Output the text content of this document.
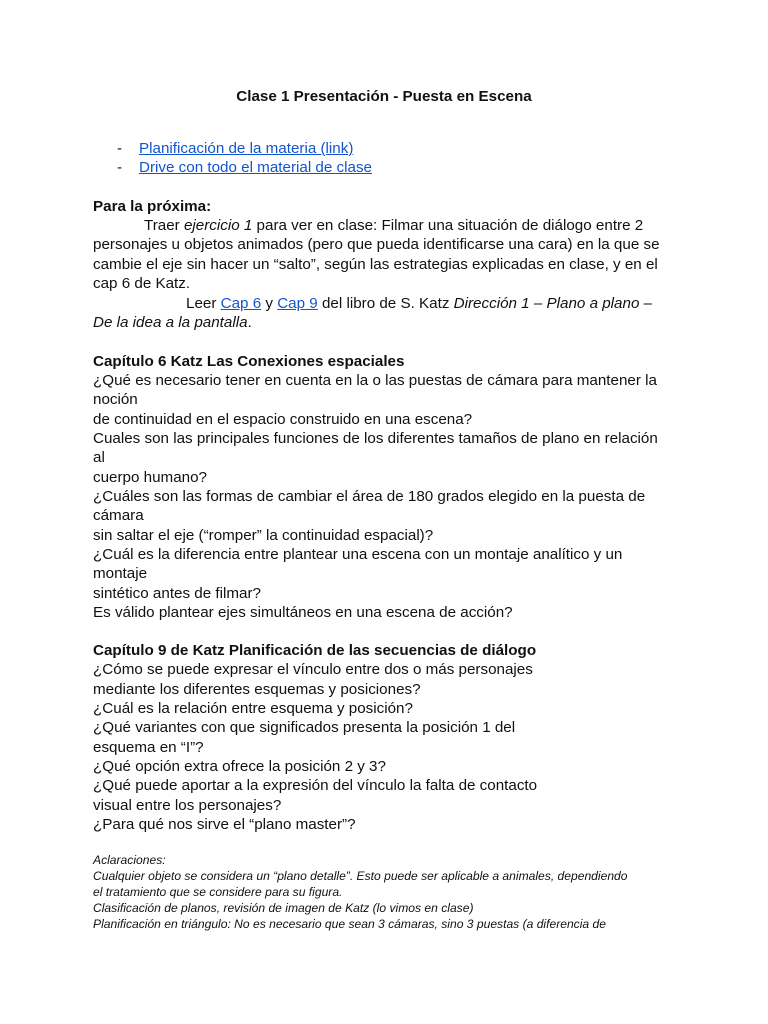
Clase 1 Presentación - Puesta en Escena
- Planificación de la materia (link)
- Drive con todo el material de clase
Para la próxima:
Traer ejercicio 1 para ver en clase: Filmar una situación de diálogo entre 2
personajes u objetos animados (pero que pueda identificarse una cara) en la que se
cambie el eje sin hacer un “salto”, según las estrategias explicadas en clase, y en el
cap 6 de Katz.
Leer Cap 6 y Cap 9 del libro de S. Katz Dirección 1 – Plano a plano –
De la idea a la pantalla.
Capítulo 6 Katz Las Conexiones espaciales
¿Qué es necesario tener en cuenta en la o las puestas de cámara para mantener la
noción
de continuidad en el espacio construido en una escena?
Cuales son las principales funciones de los diferentes tamaños de plano en relación
al
cuerpo humano?
¿Cuáles son las formas de cambiar el área de 180 grados elegido en la puesta de
cámara
sin saltar el eje (“romper” la continuidad espacial)?
¿Cuál es la diferencia entre plantear una escena con un montaje analítico y un
montaje
sintético antes de filmar?
Es válido plantear ejes simultáneos en una escena de acción?
Capítulo 9 de Katz Planificación de las secuencias de diálogo
¿Cómo se puede expresar el vínculo entre dos o más personajes
mediante los diferentes esquemas y posiciones?
¿Cuál es la relación entre esquema y posición?
¿Qué variantes con que significados presenta la posición 1 del
esquema en “I”?
¿Qué opción extra ofrece la posición 2 y 3?
¿Qué puede aportar a la expresión del vínculo la falta de contacto
visual entre los personajes?
¿Para qué nos sirve el “plano master”?
Aclaraciones:
Cualquier objeto se considera un “plano detalle”. Esto puede ser aplicable a animales, dependiendo
el tratamiento que se considere para su figura.
Clasificación de planos, revisión de imagen de Katz (lo vimos en clase)
Planificación en triángulo: No es necesario que sean 3 cámaras, sino 3 puestas (a diferencia de
